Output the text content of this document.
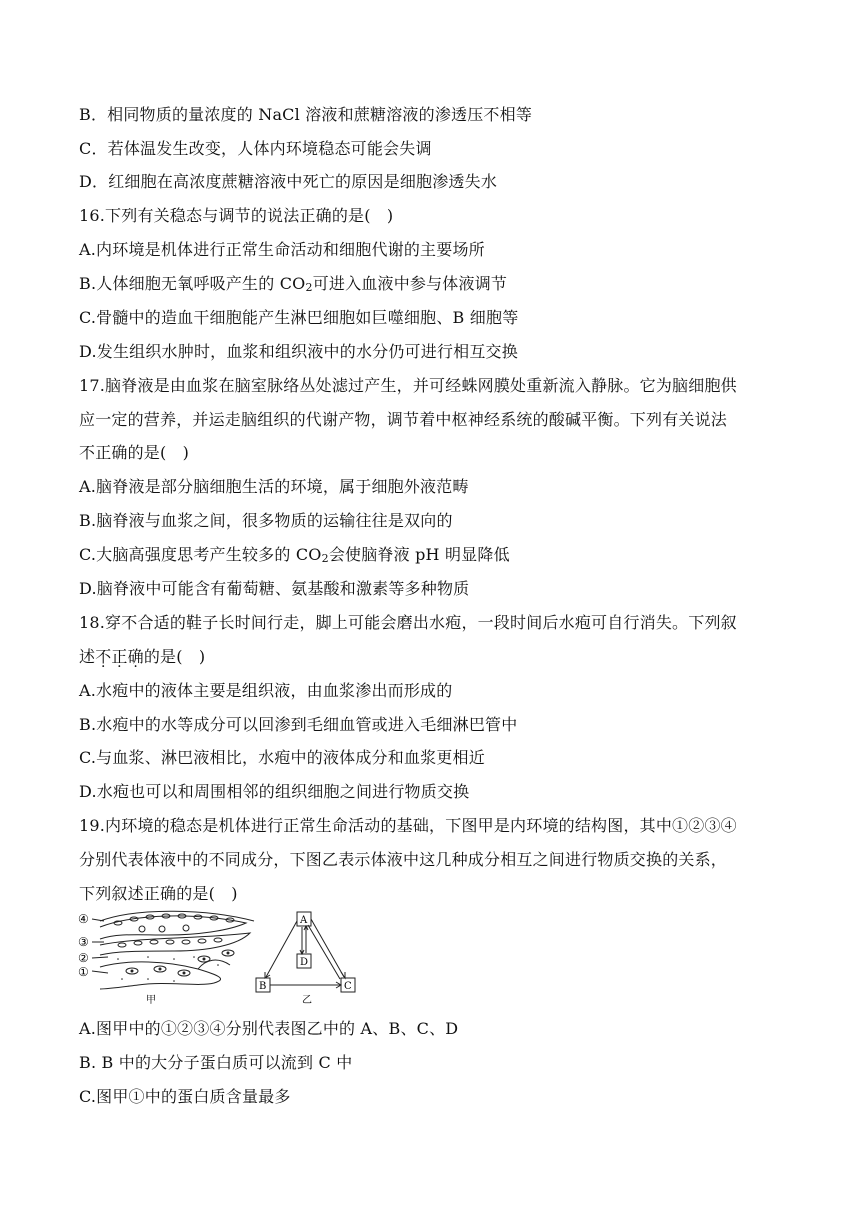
B．相同物质的量浓度的 NaCl 溶液和蔗糖溶液的渗透压不相等
C．若体温发生改变，人体内环境稳态可能会失调
D．红细胞在高浓度蔗糖溶液中死亡的原因是细胞渗透失水
16.下列有关稳态与调节的说法正确的是(　)
A.内环境是机体进行正常生命活动和细胞代谢的主要场所
B.人体细胞无氧呼吸产生的 $CO_2$可进入血液中参与体液调节
C.骨髓中的造血干细胞能产生淋巴细胞如巨噬细胞、B 细胞等
D.发生组织水肿时，血浆和组织液中的水分仍可进行相互交换
17.脑脊液是由血浆在脑室脉络丛处滤过产生，并可经蛛网膜处重新流入静脉。它为脑细胞供
应一定的营养，并运走脑组织的代谢产物，调节着中枢神经系统的酸碱平衡。下列有关说法
不正确的是(　)
A.脑脊液是部分脑细胞生活的环境，属于细胞外液范畴
B.脑脊液与血浆之间，很多物质的运输往往是双向的
C.大脑高强度思考产生较多的 $CO_2$会使脑脊液 pH 明显降低
D.脑脊液中可能含有葡萄糖、氨基酸和激素等多种物质
18.穿不合适的鞋子长时间行走，脚上可能会磨出水疱，一段时间后水疱可自行消失。下列叙
述不正确的是(　)
A.水疱中的液体主要是组织液，由血浆渗出而形成的
B.水疱中的水等成分可以回渗到毛细血管或进入毛细淋巴管中
C.与血浆、淋巴液相比，水疱中的液体成分和血浆更相近
D.水疱也可以和周围相邻的组织细胞之间进行物质交换
19.内环境的稳态是机体进行正常生命活动的基础，下图甲是内环境的结构图，其中①②③④
分别代表体液中的不同成分，下图乙表示体液中这几种成分相互之间进行物质交换的关系，
下列叙述正确的是(　)
④
③
②
①
甲
A
D
B	C
乙
A.图甲中的①②③④分别代表图乙中的 A、B、C、D
B. B 中的大分子蛋白质可以流到 C 中
C.图甲①中的蛋白质含量最多
